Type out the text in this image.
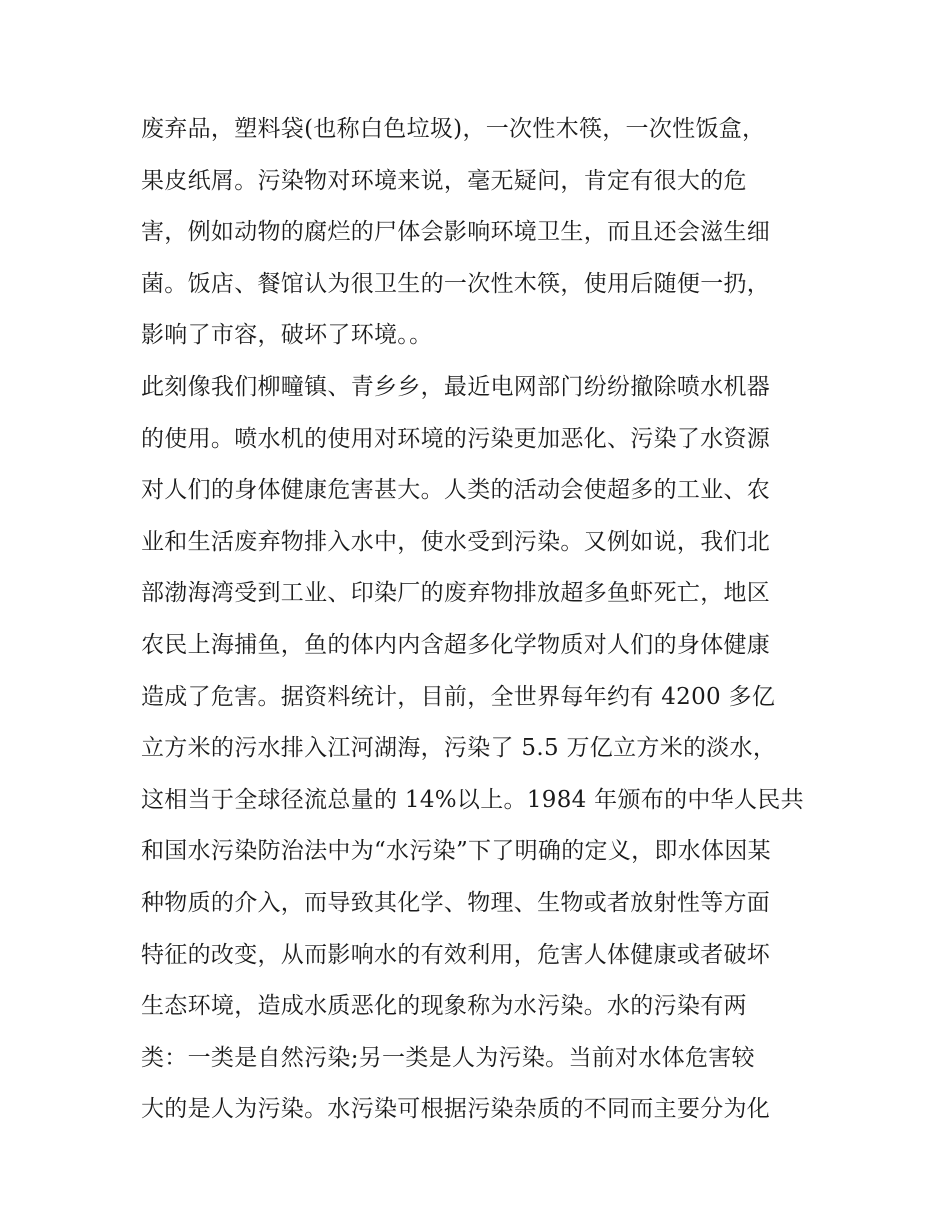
废弃品，塑料袋(也称白色垃圾)，一次性木筷，一次性饭盒，
果皮纸屑。污染物对环境来说，毫无疑问，肯定有很大的危
害，例如动物的腐烂的尸体会影响环境卫生，而且还会滋生细
菌。饭店、餐馆认为很卫生的一次性木筷，使用后随便一扔，
影响了市容，破坏了环境。。
此刻像我们柳疃镇、青乡乡，最近电网部门纷纷撤除喷水机器
的使用。喷水机的使用对环境的污染更加恶化、污染了水资源
对人们的身体健康危害甚大。人类的活动会使超多的工业、农
业和生活废弃物排入水中，使水受到污染。又例如说，我们北
部渤海湾受到工业、印染厂的废弃物排放超多鱼虾死亡，地区
农民上海捕鱼，鱼的体内内含超多化学物质对人们的身体健康
造成了危害。据资料统计，目前，全世界每年约有 4200 多亿
立方米的污水排入江河湖海，污染了 5.5 万亿立方米的淡水，
这相当于全球径流总量的 14%以上。1984 年颁布的中华人民共
和国水污染防治法中为“水污染”下了明确的定义，即水体因某
种物质的介入，而导致其化学、物理、生物或者放射性等方面
特征的改变，从而影响水的有效利用，危害人体健康或者破坏
生态环境，造成水质恶化的现象称为水污染。水的污染有两
类：一类是自然污染;另一类是人为污染。当前对水体危害较
大的是人为污染。水污染可根据污染杂质的不同而主要分为化
